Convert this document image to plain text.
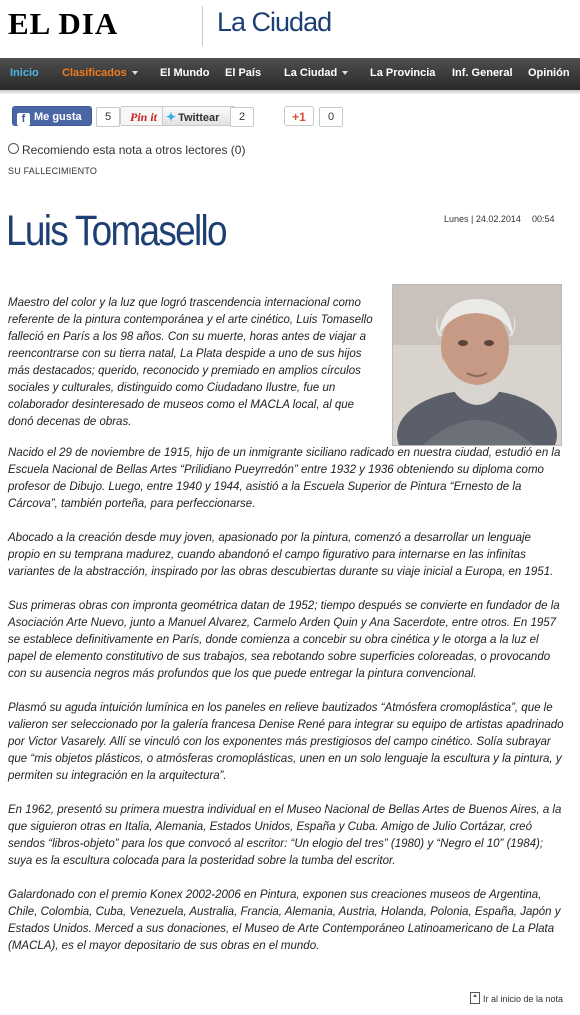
EL DIA	La Ciudad
Inicio Clasificados	El Mundo El País La Ciudad	La Provincia Inf. General Opinión
f Me gusta	5	Pin it ✦ Twittear	2	+1	0
Recomiendo esta nota a otros lectores (0)
SU FALLECIMIENTO
Luis Tomasello	Lunes | 24.02.2014 00:54

Maestro del color y la luz que logró trascendencia internacional como referente de la pintura contemporánea y el arte cinético, Luis Tomasello falleció en París a los 98 años. Con su muerte, horas antes de viajar a reencontrarse con su tierra natal, La Plata despide a uno de sus hijos más destacados; querido, reconocido y premiado en amplios círculos sociales y culturales, distinguido como Ciudadano Ilustre, fue un colaborador desinteresado de museos como el MACLA local, al que donó decenas de obras.

Nacido el 29 de noviembre de 1915, hijo de un inmigrante siciliano radicado en nuestra ciudad, estudió en la Escuela Nacional de Bellas Artes “Prilidiano Pueyrredón” entre 1932 y 1936 obteniendo su diploma como profesor de Dibujo. Luego, entre 1940 y 1944, asistió a la Escuela Superior de Pintura “Ernesto de la Cárcova”, también porteña, para perfeccionarse.

Abocado a la creación desde muy joven, apasionado por la pintura, comenzó a desarrollar un lenguaje propio en su temprana madurez, cuando abandonó el campo figurativo para internarse en las infinitas variantes de la abstracción, inspirado por las obras descubiertas durante su viaje inicial a Europa, en 1951.

Sus primeras obras con impronta geométrica datan de 1952; tiempo después se convierte en fundador de la Asociación Arte Nuevo, junto a Manuel Alvarez, Carmelo Arden Quin y Ana Sacerdote, entre otros. En 1957 se establece definitivamente en París, donde comienza a concebir su obra cinética y le otorga a la luz el papel de elemento constitutivo de sus trabajos, sea rebotando sobre superficies coloreadas, o provocando con su ausencia negros más profundos que los que puede entregar la pintura convencional.

Plasmó su aguda intuición lumínica en los paneles en relieve bautizados “Atmósfera cromoplástica”, que le valieron ser seleccionado por la galería francesa Denise René para integrar su equipo de artistas apadrinado por Victor Vasarely. Allí se vinculó con los exponentes más prestigiosos del campo cinético. Solía subrayar que “mis objetos plásticos, o atmósferas cromoplásticas, unen en un solo lenguaje la escultura y la pintura, y permiten su integración en la arquitectura”.

En 1962, presentó su primera muestra individual en el Museo Nacional de Bellas Artes de Buenos Aires, a la que siguieron otras en Italia, Alemania, Estados Unidos, España y Cuba. Amigo de Julio Cortázar, creó sendos “libros-objeto” para los que convocó al escritor: “Un elogio del tres” (1980) y “Negro el 10” (1984); suya es la escultura colocada para la posteridad sobre la tumba del escritor.

Galardonado con el premio Konex 2002-2006 en Pintura, exponen sus creaciones museos de Argentina, Chile, Colombia, Cuba, Venezuela, Australia, Francia, Alemania, Austria, Holanda, Polonia, España, Japón y Estados Unidos. Merced a sus donaciones, el Museo de Arte Contemporáneo Latinoamericano de La Plata (MACLA), es el mayor depositario de sus obras en el mundo.

Ir al inicio de la nota
